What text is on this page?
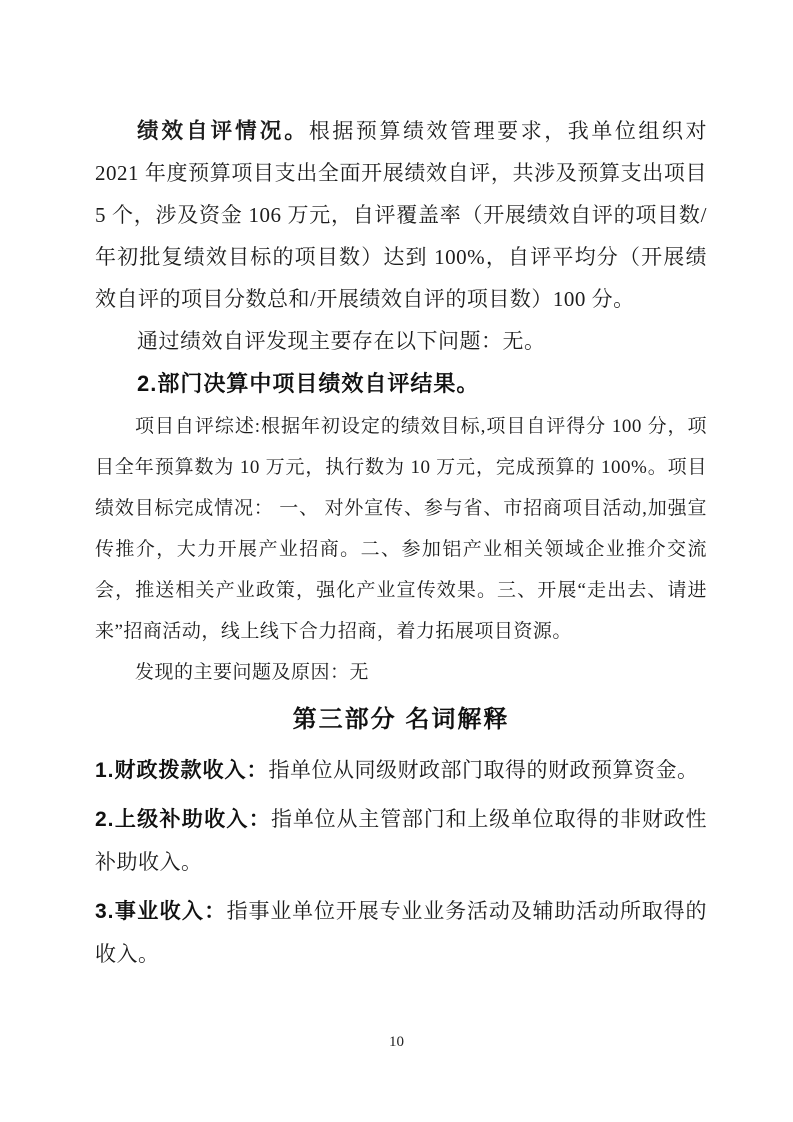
绩效自评情况。根据预算绩效管理要求，我单位组织对 2021 年度预算项目支出全面开展绩效自评，共涉及预算支出项目 5 个，涉及资金 106 万元，自评覆盖率（开展绩效自评的项目数/年初批复绩效目标的项目数）达到 100%，自评平均分（开展绩效自评的项目分数总和/开展绩效自评的项目数）100 分。

通过绩效自评发现主要存在以下问题：无。

2.部门决算中项目绩效自评结果。

项目自评综述:根据年初设定的绩效目标,项目自评得分 100 分，项目全年预算数为 10 万元，执行数为 10 万元，完成预算的 100%。项目绩效目标完成情况： 一、 对外宣传、参与省、市招商项目活动,加强宣传推介，大力开展产业招商。二、参加铝产业相关领域企业推介交流会，推送相关产业政策，强化产业宣传效果。三、开展“走出去、请进来”招商活动，线上线下合力招商，着力拓展项目资源。

发现的主要问题及原因：无

第三部分 名词解释

1.财政拨款收入：指单位从同级财政部门取得的财政预算资金。

2.上级补助收入：指单位从主管部门和上级单位取得的非财政性补助收入。

3.事业收入：指事业单位开展专业业务活动及辅助活动所取得的收入。

10
